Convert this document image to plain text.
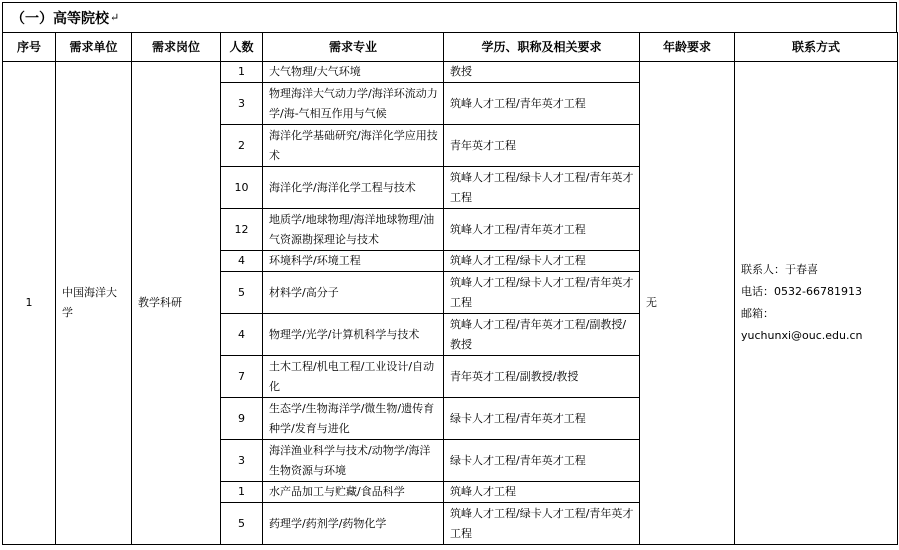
（一）高等院校 ↵
序号	需求单位	需求岗位	人数	需求专业	学历、职称及相关要求	年龄要求	联系方式
1	中国海洋大学	教学科研	1	大气物理/大气环境	教授	无	联系人：于春喜
电话：0532-66781913
邮箱：
yuchunxi@ouc.edu.cn

			3	物理海洋大气动力学/海洋环流动力学/海-气相互作用与气候	筑峰人才工程/青年英才工程		
			2	海洋化学基础研究/海洋化学应用技术	青年英才工程		
			10	海洋化学/海洋化学工程与技术	筑峰人才工程/绿卡人才工程/青年英才工程		
			12	地质学/地球物理/海洋地球物理/油气资源勘探理论与技术	筑峰人才工程/青年英才工程		
			4	环境科学/环境工程	筑峰人才工程/绿卡人才工程		
			5	材料学/高分子	筑峰人才工程/绿卡人才工程/青年英才工程		
			4	物理学/光学/计算机科学与技术	筑峰人才工程/青年英才工程/副教授/教授		
			7	土木工程/机电工程/工业设计/自动化	青年英才工程/副教授/教授		
			9	生态学/生物海洋学/微生物/遗传育种学/发育与进化	绿卡人才工程/青年英才工程		
			3	海洋渔业科学与技术/动物学/海洋生物资源与环境	绿卡人才工程/青年英才工程		
			1	水产品加工与贮藏/食品科学	筑峰人才工程		
			5	药理学/药剂学/药物化学	筑峰人才工程/绿卡人才工程/青年英才工程		
